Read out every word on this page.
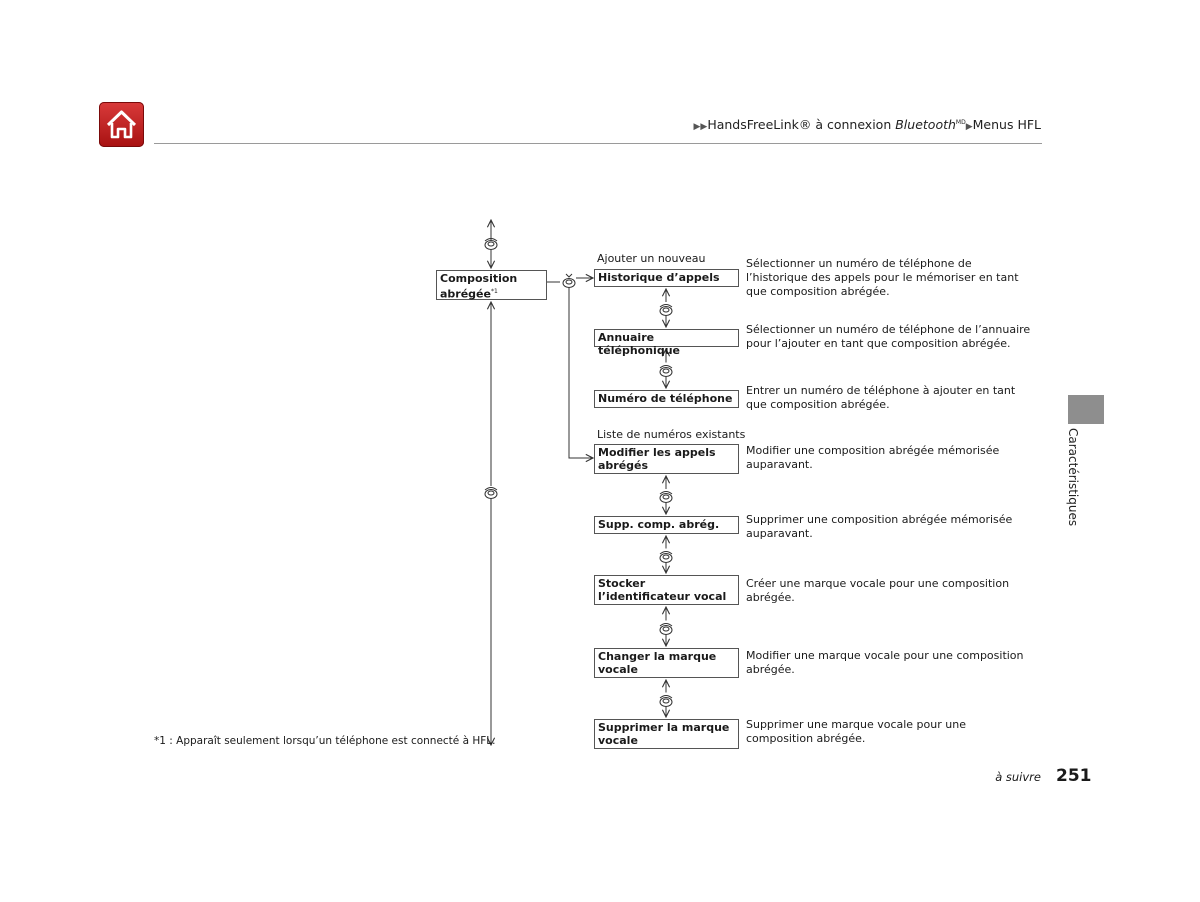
▶▶HandsFreeLink® à connexion Bluetooth$^{MD}$▶Menus HFL
Composition abrégée$^{*1}$
Ajouter un nouveau
Liste de numéros existants
Historique d’appels
Annuaire téléphonique
Numéro de téléphone
Modifier les appels abrégés
Supp. comp. abrég.
Stocker l’identificateur vocal
Changer la marque vocale
Supprimer la marque vocale
Sélectionner un numéro de téléphone de l’historique des appels pour le mémoriser en tant que composition abrégée.
Sélectionner un numéro de téléphone de l’annuaire pour l’ajouter en tant que composition abrégée.
Entrer un numéro de téléphone à ajouter en tant que composition abrégée.
Modifier une composition abrégée mémorisée auparavant.
Supprimer une composition abrégée mémorisée auparavant.
Créer une marque vocale pour une composition abrégée.
Modifier une marque vocale pour une composition abrégée.
Supprimer une marque vocale pour une composition abrégée.
Caractéristiques
*1 : Apparaît seulement lorsqu’un téléphone est connecté à HFL.
à suivre 251
